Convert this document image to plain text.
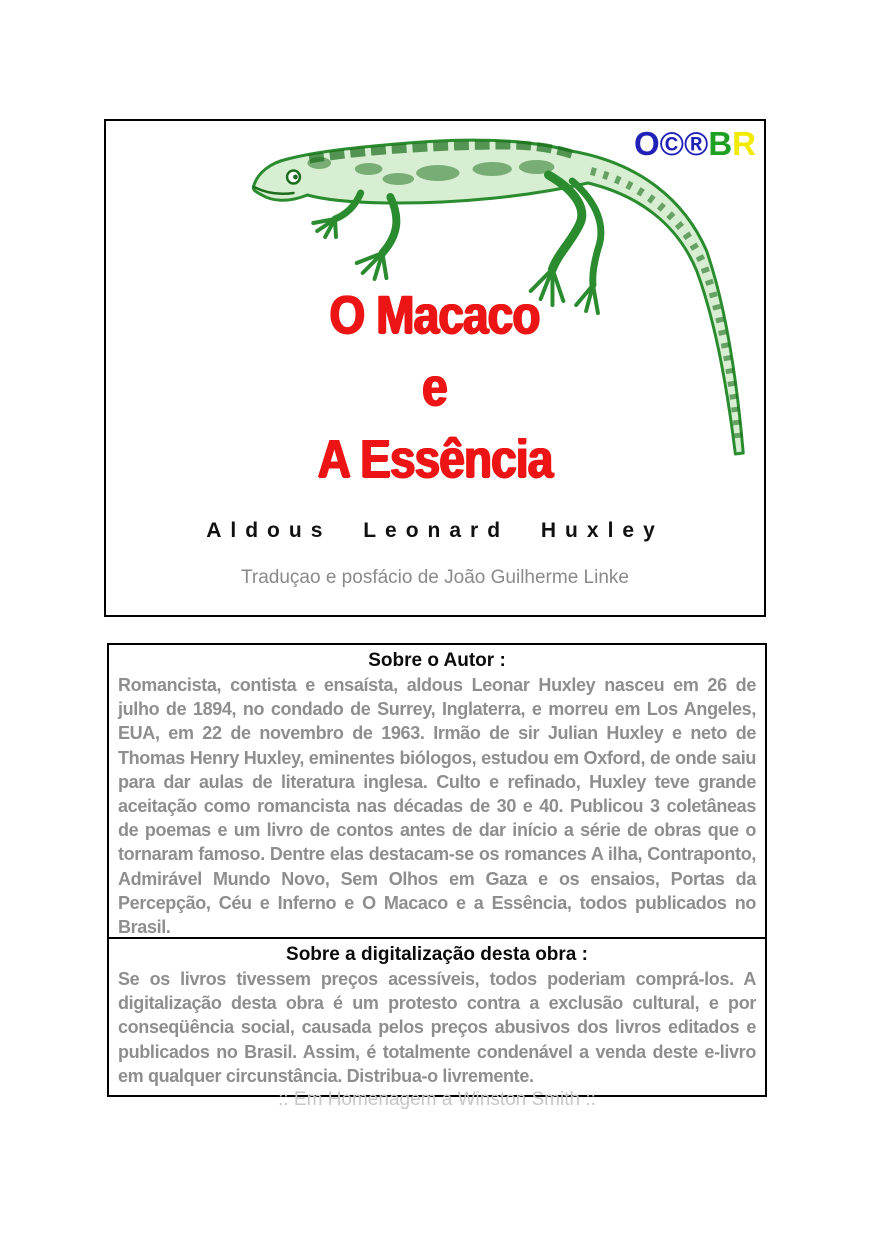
O©®BR
O Macaco
e
A Essência
Aldous Leonard Huxley
Traduçao e posfácio de João Guilherme Linke
Sobre o Autor :

Romancista, contista e ensaísta, aldous Leonar Huxley nasceu em 26 de julho de 1894, no condado de Surrey, Inglaterra, e morreu em Los Angeles, EUA, em 22 de novembro de 1963. Irmão de sir Julian Huxley e neto de Thomas Henry Huxley, eminentes biólogos, estudou em Oxford, de onde saiu para dar aulas de literatura inglesa. Culto e refinado, Huxley teve grande aceitação como romancista nas décadas de 30 e 40. Publicou 3 coletâneas de poemas e um livro de contos antes de dar início a série de obras que o tornaram famoso. Dentre elas destacam-se os romances A ilha, Contraponto, Admirável Mundo Novo, Sem Olhos em Gaza e os ensaios, Portas da Percepção, Céu e Inferno e O Macaco e a Essência, todos publicados no Brasil.

Sobre a digitalização desta obra :

Se os livros tivessem preços acessíveis, todos poderiam comprá-los. A digitalização desta obra é um protesto contra a exclusão cultural, e por conseqüência social, causada pelos preços abusivos dos livros editados e publicados no Brasil. Assim, é totalmente condenável a venda deste e-livro em qualquer circunstância. Distribua-o livremente.

:: Em Homenagem a Winston Smith ::
